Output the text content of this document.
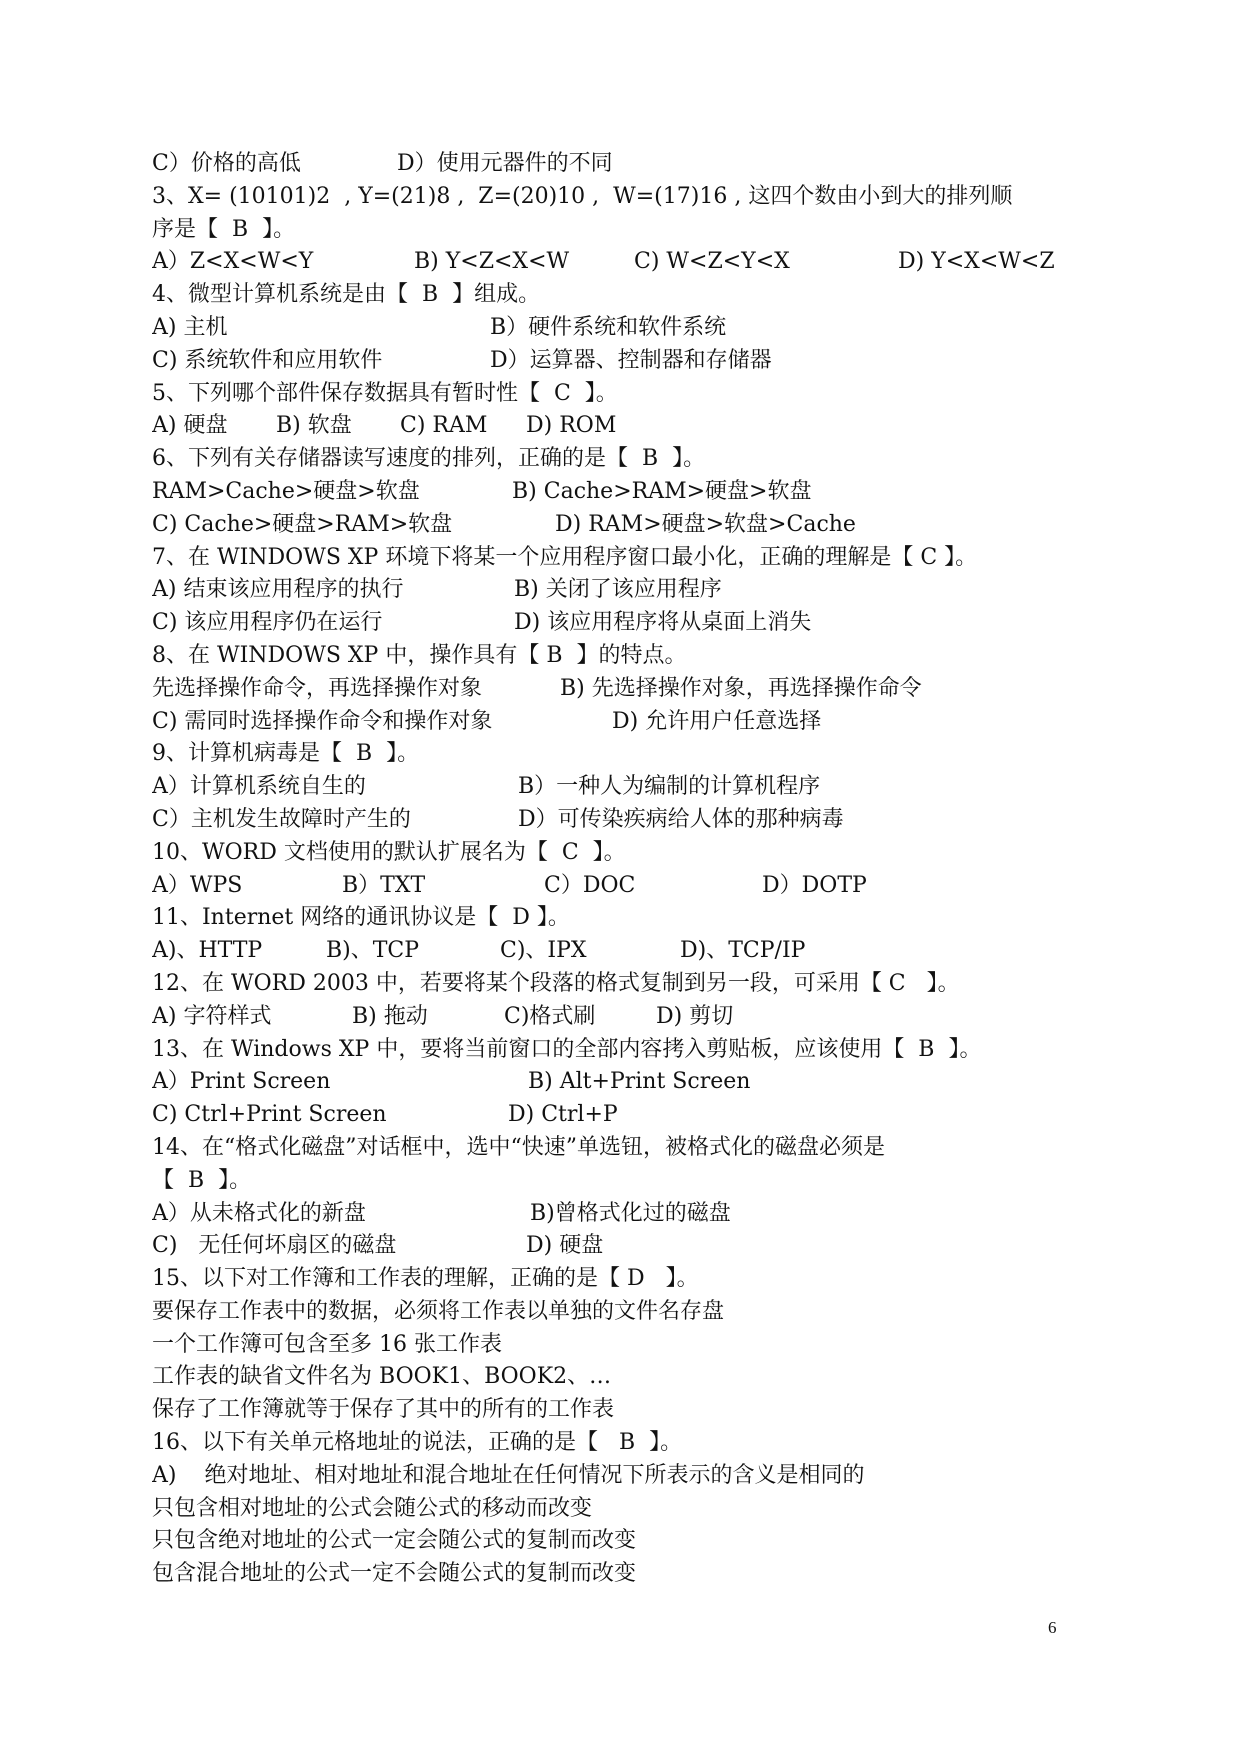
C）价格的高低	D）使用元器件的不同
3、X= (10101)2  , Y=(21)8 ,  Z=(20)10 ,  W=(17)16 , 这四个数由小到大的排列顺
序是【  B  】。
A）Z<X<W<Y	B) Y<Z<X<W	C) W<Z<Y<X	D) Y<X<W<Z
4、微型计算机系统是由【  B  】组成。
A) 主机	B）硬件系统和软件系统
C) 系统软件和应用软件	D）运算器、控制器和存储器
5、下列哪个部件保存数据具有暂时性【  C  】。
A) 硬盘 B) 软盘 C) RAM D) ROM
6、下列有关存储器读写速度的排列，正确的是【  B  】。
RAM>Cache>硬盘>软盘	B) Cache>RAM>硬盘>软盘
C) Cache>硬盘>RAM>软盘	D) RAM>硬盘>软盘>Cache
7、在 WINDOWS XP 环境下将某一个应用程序窗口最小化，正确的理解是【 C 】。
A) 结束该应用程序的执行	B) 关闭了该应用程序
C) 该应用程序仍在运行	D) 该应用程序将从桌面上消失
8、在 WINDOWS XP 中，操作具有【 B  】的特点。
先选择操作命令，再选择操作对象	B) 先选择操作对象，再选择操作命令
C) 需同时选择操作命令和操作对象	D) 允许用户任意选择
9、计算机病毒是【  B  】。
A）计算机系统自生的	B）一种人为编制的计算机程序
C）主机发生故障时产生的	D）可传染疾病给人体的那种病毒
10、WORD 文档使用的默认扩展名为【  C  】。
A）WPS	B）TXT	C）DOC	D）DOTP
11、Internet 网络的通讯协议是【  D 】。
A)、HTTP	B)、TCP	C)、IPX	D)、TCP/IP
12、在 WORD 2003 中，若要将某个段落的格式复制到另一段，可采用【 C   】。
A) 字符样式	B) 拖动	C)格式刷	D) 剪切
13、在 Windows XP 中，要将当前窗口的全部内容拷入剪贴板，应该使用【  B  】。
A）Print Screen	B) Alt+Print Screen
C) Ctrl+Print Screen	D) Ctrl+P
14、在“格式化磁盘”对话框中，选中“快速”单选钮，被格式化的磁盘必须是
【  B  】。
A）从未格式化的新盘	B)曾格式化过的磁盘
C)   无任何坏扇区的磁盘	D) 硬盘
15、以下对工作簿和工作表的理解，正确的是【 D   】。
要保存工作表中的数据，必须将工作表以单独的文件名存盘
一个工作簿可包含至多 16 张工作表
工作表的缺省文件名为 BOOK1、BOOK2、…
保存了工作簿就等于保存了其中的所有的工作表
16、以下有关单元格地址的说法，正确的是【   B  】。
A)    绝对地址、相对地址和混合地址在任何情况下所表示的含义是相同的
只包含相对地址的公式会随公式的移动而改变
只包含绝对地址的公式一定会随公式的复制而改变
包含混合地址的公式一定不会随公式的复制而改变
6
